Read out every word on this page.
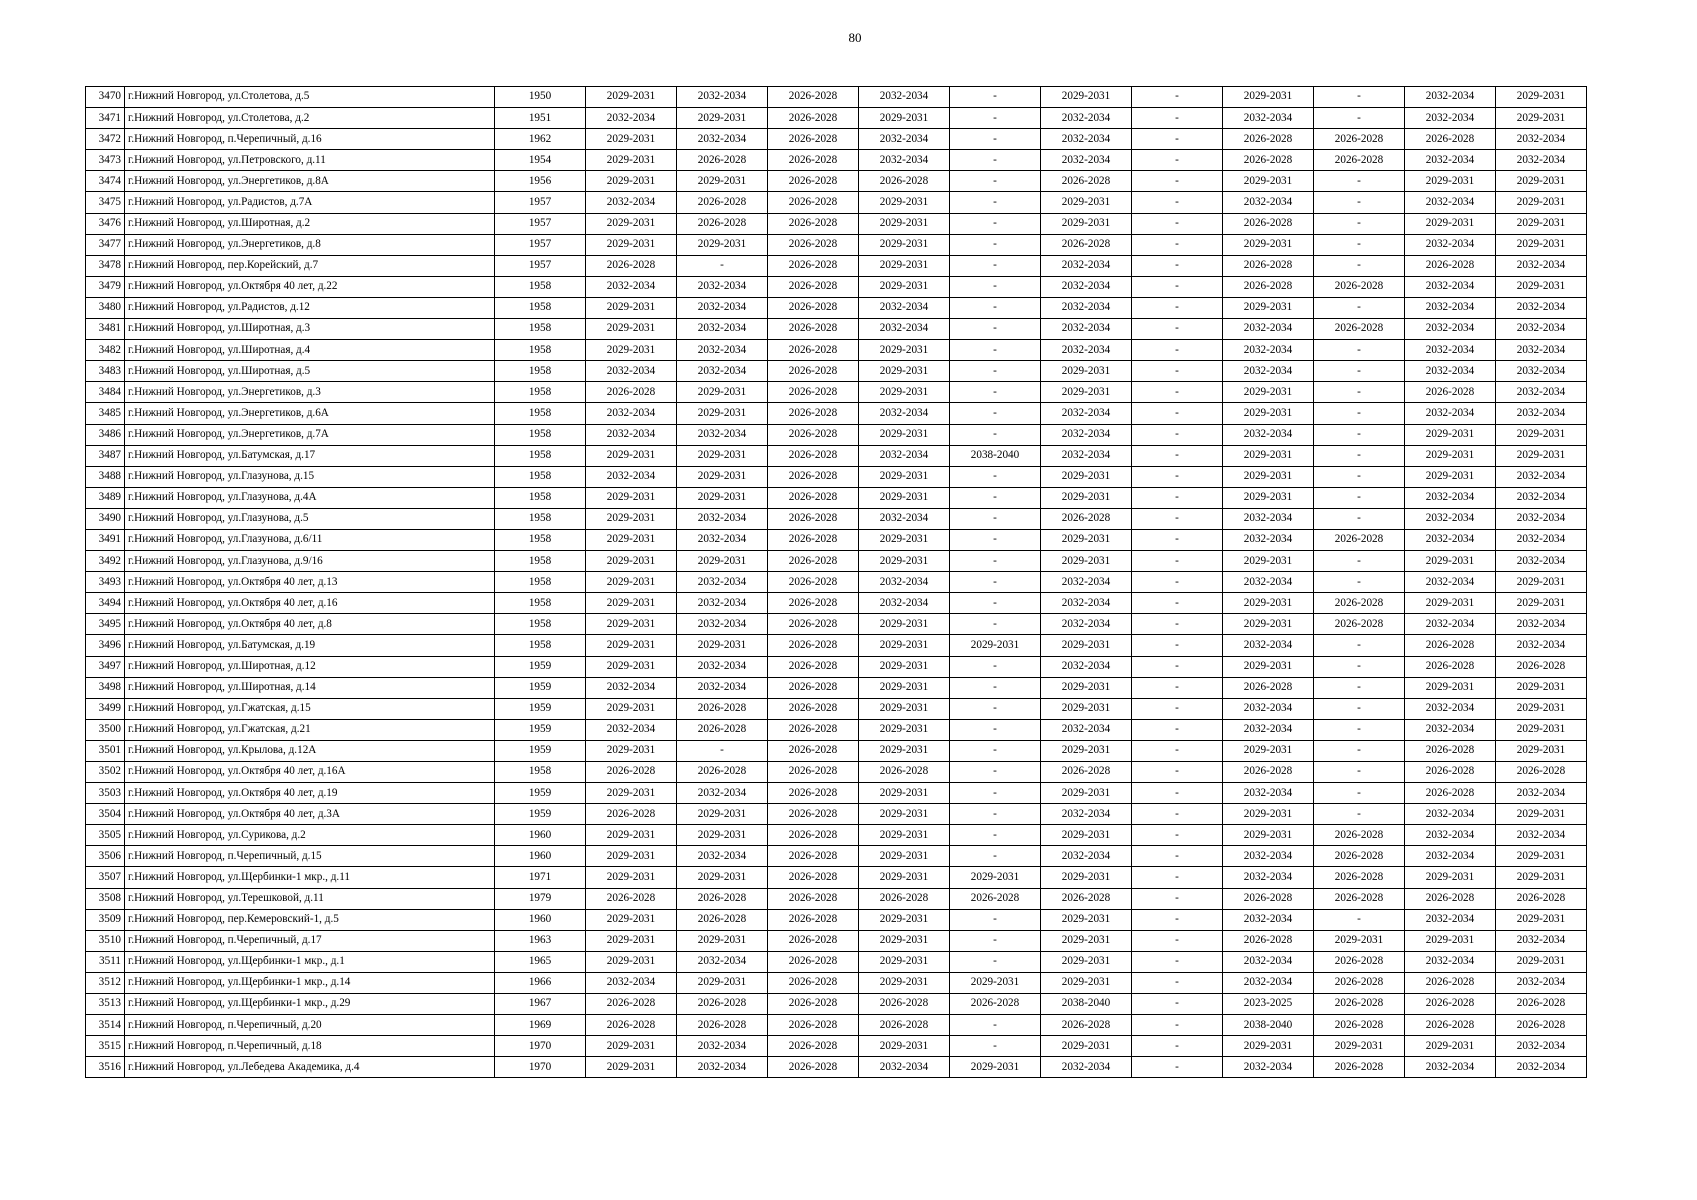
80
3470	г.Нижний Новгород, ул.Столетова, д.5	1950	2029-2031	2032-2034	2026-2028	2032-2034	-	2029-2031	-	2029-2031	-	2032-2034	2029-2031
3471	г.Нижний Новгород, ул.Столетова, д.2	1951	2032-2034	2029-2031	2026-2028	2029-2031	-	2032-2034	-	2032-2034	-	2032-2034	2029-2031
3472	г.Нижний Новгород, п.Черепичный, д.16	1962	2029-2031	2032-2034	2026-2028	2032-2034	-	2032-2034	-	2026-2028	2026-2028	2026-2028	2032-2034
3473	г.Нижний Новгород, ул.Петровского, д.11	1954	2029-2031	2026-2028	2026-2028	2032-2034	-	2032-2034	-	2026-2028	2026-2028	2032-2034	2032-2034
3474	г.Нижний Новгород, ул.Энергетиков, д.8А	1956	2029-2031	2029-2031	2026-2028	2026-2028	-	2026-2028	-	2029-2031	-	2029-2031	2029-2031
3475	г.Нижний Новгород, ул.Радистов, д.7А	1957	2032-2034	2026-2028	2026-2028	2029-2031	-	2029-2031	-	2032-2034	-	2032-2034	2029-2031
3476	г.Нижний Новгород, ул.Широтная, д.2	1957	2029-2031	2026-2028	2026-2028	2029-2031	-	2029-2031	-	2026-2028	-	2029-2031	2029-2031
3477	г.Нижний Новгород, ул.Энергетиков, д.8	1957	2029-2031	2029-2031	2026-2028	2029-2031	-	2026-2028	-	2029-2031	-	2032-2034	2029-2031
3478	г.Нижний Новгород, пер.Корейский, д.7	1957	2026-2028	-	2026-2028	2029-2031	-	2032-2034	-	2026-2028	-	2026-2028	2032-2034
3479	г.Нижний Новгород, ул.Октября 40 лет, д.22	1958	2032-2034	2032-2034	2026-2028	2029-2031	-	2032-2034	-	2026-2028	2026-2028	2032-2034	2029-2031
3480	г.Нижний Новгород, ул.Радистов, д.12	1958	2029-2031	2032-2034	2026-2028	2032-2034	-	2032-2034	-	2029-2031	-	2032-2034	2032-2034
3481	г.Нижний Новгород, ул.Широтная, д.3	1958	2029-2031	2032-2034	2026-2028	2032-2034	-	2032-2034	-	2032-2034	2026-2028	2032-2034	2032-2034
3482	г.Нижний Новгород, ул.Широтная, д.4	1958	2029-2031	2032-2034	2026-2028	2029-2031	-	2032-2034	-	2032-2034	-	2032-2034	2032-2034
3483	г.Нижний Новгород, ул.Широтная, д.5	1958	2032-2034	2032-2034	2026-2028	2029-2031	-	2029-2031	-	2032-2034	-	2032-2034	2032-2034
3484	г.Нижний Новгород, ул.Энергетиков, д.3	1958	2026-2028	2029-2031	2026-2028	2029-2031	-	2029-2031	-	2029-2031	-	2026-2028	2032-2034
3485	г.Нижний Новгород, ул.Энергетиков, д.6А	1958	2032-2034	2029-2031	2026-2028	2032-2034	-	2032-2034	-	2029-2031	-	2032-2034	2032-2034
3486	г.Нижний Новгород, ул.Энергетиков, д.7А	1958	2032-2034	2032-2034	2026-2028	2029-2031	-	2032-2034	-	2032-2034	-	2029-2031	2029-2031
3487	г.Нижний Новгород, ул.Батумская, д.17	1958	2029-2031	2029-2031	2026-2028	2032-2034	2038-2040	2032-2034	-	2029-2031	-	2029-2031	2029-2031
3488	г.Нижний Новгород, ул.Глазунова, д.15	1958	2032-2034	2029-2031	2026-2028	2029-2031	-	2029-2031	-	2029-2031	-	2029-2031	2032-2034
3489	г.Нижний Новгород, ул.Глазунова, д.4А	1958	2029-2031	2029-2031	2026-2028	2029-2031	-	2029-2031	-	2029-2031	-	2032-2034	2032-2034
3490	г.Нижний Новгород, ул.Глазунова, д.5	1958	2029-2031	2032-2034	2026-2028	2032-2034	-	2026-2028	-	2032-2034	-	2032-2034	2032-2034
3491	г.Нижний Новгород, ул.Глазунова, д.6/11	1958	2029-2031	2032-2034	2026-2028	2029-2031	-	2029-2031	-	2032-2034	2026-2028	2032-2034	2032-2034
3492	г.Нижний Новгород, ул.Глазунова, д.9/16	1958	2029-2031	2029-2031	2026-2028	2029-2031	-	2029-2031	-	2029-2031	-	2029-2031	2032-2034
3493	г.Нижний Новгород, ул.Октября 40 лет, д.13	1958	2029-2031	2032-2034	2026-2028	2032-2034	-	2032-2034	-	2032-2034	-	2032-2034	2029-2031
3494	г.Нижний Новгород, ул.Октября 40 лет, д.16	1958	2029-2031	2032-2034	2026-2028	2032-2034	-	2032-2034	-	2029-2031	2026-2028	2029-2031	2029-2031
3495	г.Нижний Новгород, ул.Октября 40 лет, д.8	1958	2029-2031	2032-2034	2026-2028	2029-2031	-	2032-2034	-	2029-2031	2026-2028	2032-2034	2032-2034
3496	г.Нижний Новгород, ул.Батумская, д.19	1958	2029-2031	2029-2031	2026-2028	2029-2031	2029-2031	2029-2031	-	2032-2034	-	2026-2028	2032-2034
3497	г.Нижний Новгород, ул.Широтная, д.12	1959	2029-2031	2032-2034	2026-2028	2029-2031	-	2032-2034	-	2029-2031	-	2026-2028	2026-2028
3498	г.Нижний Новгород, ул.Широтная, д.14	1959	2032-2034	2032-2034	2026-2028	2029-2031	-	2029-2031	-	2026-2028	-	2029-2031	2029-2031
3499	г.Нижний Новгород, ул.Гжатская, д.15	1959	2029-2031	2026-2028	2026-2028	2029-2031	-	2029-2031	-	2032-2034	-	2032-2034	2029-2031
3500	г.Нижний Новгород, ул.Гжатская, д.21	1959	2032-2034	2026-2028	2026-2028	2029-2031	-	2032-2034	-	2032-2034	-	2032-2034	2029-2031
3501	г.Нижний Новгород, ул.Крылова, д.12А	1959	2029-2031	-	2026-2028	2029-2031	-	2029-2031	-	2029-2031	-	2026-2028	2029-2031
3502	г.Нижний Новгород, ул.Октября 40 лет, д.16А	1958	2026-2028	2026-2028	2026-2028	2026-2028	-	2026-2028	-	2026-2028	-	2026-2028	2026-2028
3503	г.Нижний Новгород, ул.Октября 40 лет, д.19	1959	2029-2031	2032-2034	2026-2028	2029-2031	-	2029-2031	-	2032-2034	-	2026-2028	2032-2034
3504	г.Нижний Новгород, ул.Октября 40 лет, д.3А	1959	2026-2028	2029-2031	2026-2028	2029-2031	-	2032-2034	-	2029-2031	-	2032-2034	2029-2031
3505	г.Нижний Новгород, ул.Сурикова, д.2	1960	2029-2031	2029-2031	2026-2028	2029-2031	-	2029-2031	-	2029-2031	2026-2028	2032-2034	2032-2034
3506	г.Нижний Новгород, п.Черепичный, д.15	1960	2029-2031	2032-2034	2026-2028	2029-2031	-	2032-2034	-	2032-2034	2026-2028	2032-2034	2029-2031
3507	г.Нижний Новгород, ул.Щербинки-1 мкр., д.11	1971	2029-2031	2029-2031	2026-2028	2029-2031	2029-2031	2029-2031	-	2032-2034	2026-2028	2029-2031	2029-2031
3508	г.Нижний Новгород, ул.Терешковой, д.11	1979	2026-2028	2026-2028	2026-2028	2026-2028	2026-2028	2026-2028	-	2026-2028	2026-2028	2026-2028	2026-2028
3509	г.Нижний Новгород, пер.Кемеровский-1, д.5	1960	2029-2031	2026-2028	2026-2028	2029-2031	-	2029-2031	-	2032-2034	-	2032-2034	2029-2031
3510	г.Нижний Новгород, п.Черепичный, д.17	1963	2029-2031	2029-2031	2026-2028	2029-2031	-	2029-2031	-	2026-2028	2029-2031	2029-2031	2032-2034
3511	г.Нижний Новгород, ул.Щербинки-1 мкр., д.1	1965	2029-2031	2032-2034	2026-2028	2029-2031	-	2029-2031	-	2032-2034	2026-2028	2032-2034	2029-2031
3512	г.Нижний Новгород, ул.Щербинки-1 мкр., д.14	1966	2032-2034	2029-2031	2026-2028	2029-2031	2029-2031	2029-2031	-	2032-2034	2026-2028	2026-2028	2032-2034
3513	г.Нижний Новгород, ул.Щербинки-1 мкр., д.29	1967	2026-2028	2026-2028	2026-2028	2026-2028	2026-2028	2038-2040	-	2023-2025	2026-2028	2026-2028	2026-2028
3514	г.Нижний Новгород, п.Черепичный, д.20	1969	2026-2028	2026-2028	2026-2028	2026-2028	-	2026-2028	-	2038-2040	2026-2028	2026-2028	2026-2028
3515	г.Нижний Новгород, п.Черепичный, д.18	1970	2029-2031	2032-2034	2026-2028	2029-2031	-	2029-2031	-	2029-2031	2029-2031	2029-2031	2032-2034
3516	г.Нижний Новгород, ул.Лебедева Академика, д.4	1970	2029-2031	2032-2034	2026-2028	2032-2034	2029-2031	2032-2034	-	2032-2034	2026-2028	2032-2034	2032-2034
